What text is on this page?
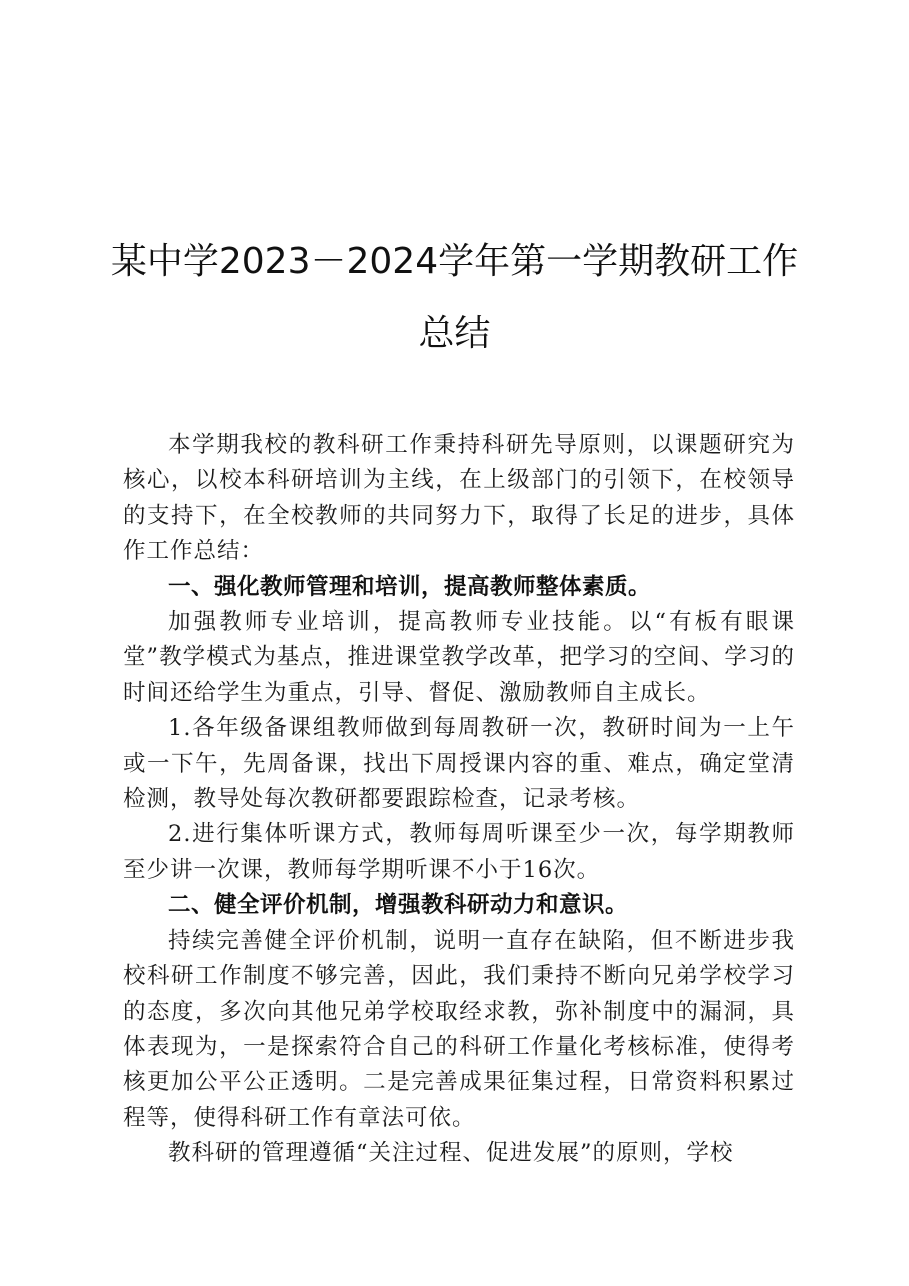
某中学2023－2024学年第一学期教研工作总结

本学期我校的教科研工作秉持科研先导原则，以课题研究为核心，以校本科研培训为主线，在上级部门的引领下，在校领导的支持下，在全校教师的共同努力下，取得了长足的进步，具体作工作总结：

一、强化教师管理和培训，提高教师整体素质。

加强教师专业培训，提高教师专业技能。以“有板有眼课堂”教学模式为基点，推进课堂教学改革，把学习的空间、学习的时间还给学生为重点，引导、督促、激励教师自主成长。

1.各年级备课组教师做到每周教研一次，教研时间为一上午或一下午，先周备课，找出下周授课内容的重、难点，确定堂清检测，教导处每次教研都要跟踪检查，记录考核。

2.进行集体听课方式，教师每周听课至少一次，每学期教师至少讲一次课，教师每学期听课不小于16次。

二、健全评价机制，增强教科研动力和意识。

持续完善健全评价机制，说明一直存在缺陷，但不断进步我校科研工作制度不够完善，因此，我们秉持不断向兄弟学校学习的态度，多次向其他兄弟学校取经求教，弥补制度中的漏洞，具体表现为，一是探索符合自己的科研工作量化考核标准，使得考核更加公平公正透明。二是完善成果征集过程，日常资料积累过程等，使得科研工作有章法可依。

教科研的管理遵循“关注过程、促进发展”的原则，学校
